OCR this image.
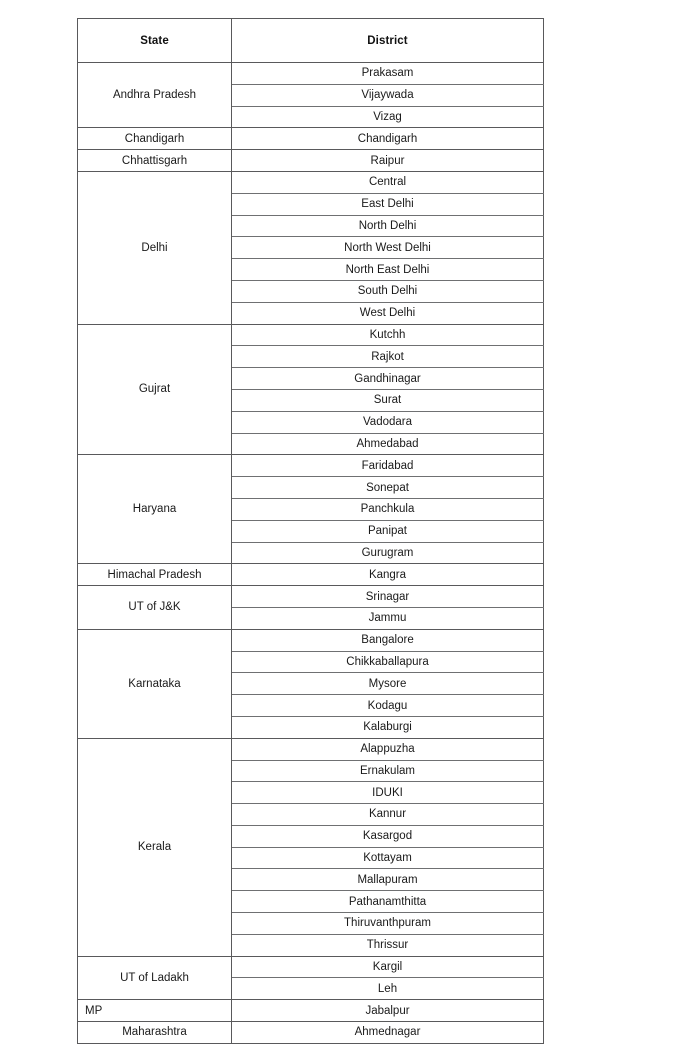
State	District
Andhra Pradesh	Prakasam
	Vijaywada
	Vizag
Chandigarh	Chandigarh
Chhattisgarh	Raipur
Delhi	Central
	East Delhi
	North Delhi
	North West Delhi
	North East Delhi
	South Delhi
	West Delhi
Gujrat	Kutchh
	Rajkot
	Gandhinagar
	Surat
	Vadodara
	Ahmedabad
Haryana	Faridabad
	Sonepat
	Panchkula
	Panipat
	Gurugram
Himachal Pradesh	Kangra
UT of J&K	Srinagar
	Jammu
Karnataka	Bangalore
	Chikkaballapura
	Mysore
	Kodagu
	Kalaburgi
Kerala	Alappuzha
	Ernakulam
	IDUKI
	Kannur
	Kasargod
	Kottayam
	Mallapuram
	Pathanamthitta
	Thiruvanthpuram
	Thrissur
UT of Ladakh	Kargil
	Leh
MP	Jabalpur
Maharashtra	Ahmednagar
